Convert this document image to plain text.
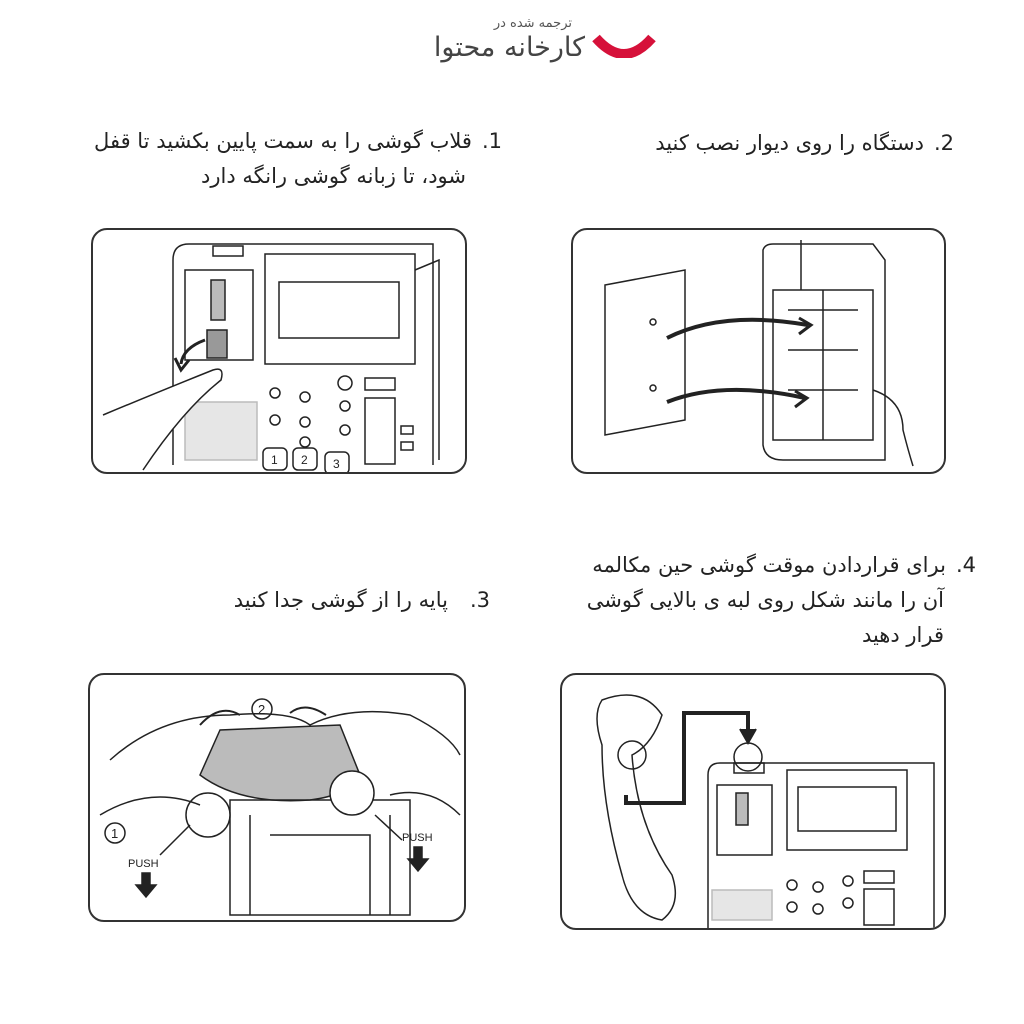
ترجمه شده در
کارخانه محتوا
1.قلاب گوشی را به سمت پایین بکشید تا قفل
شود، تا زبانه گوشی رانگه دارد
2.دستگاه را روی دیوار نصب کنید
3.پایه را از گوشی جدا کنید
4.برای قراردادن موقت گوشی حین مکالمه
آن را مانند شکل روی لبه ی بالایی گوشی
قرار دهید
1 2 3
2
1
PUSH
PUSH
